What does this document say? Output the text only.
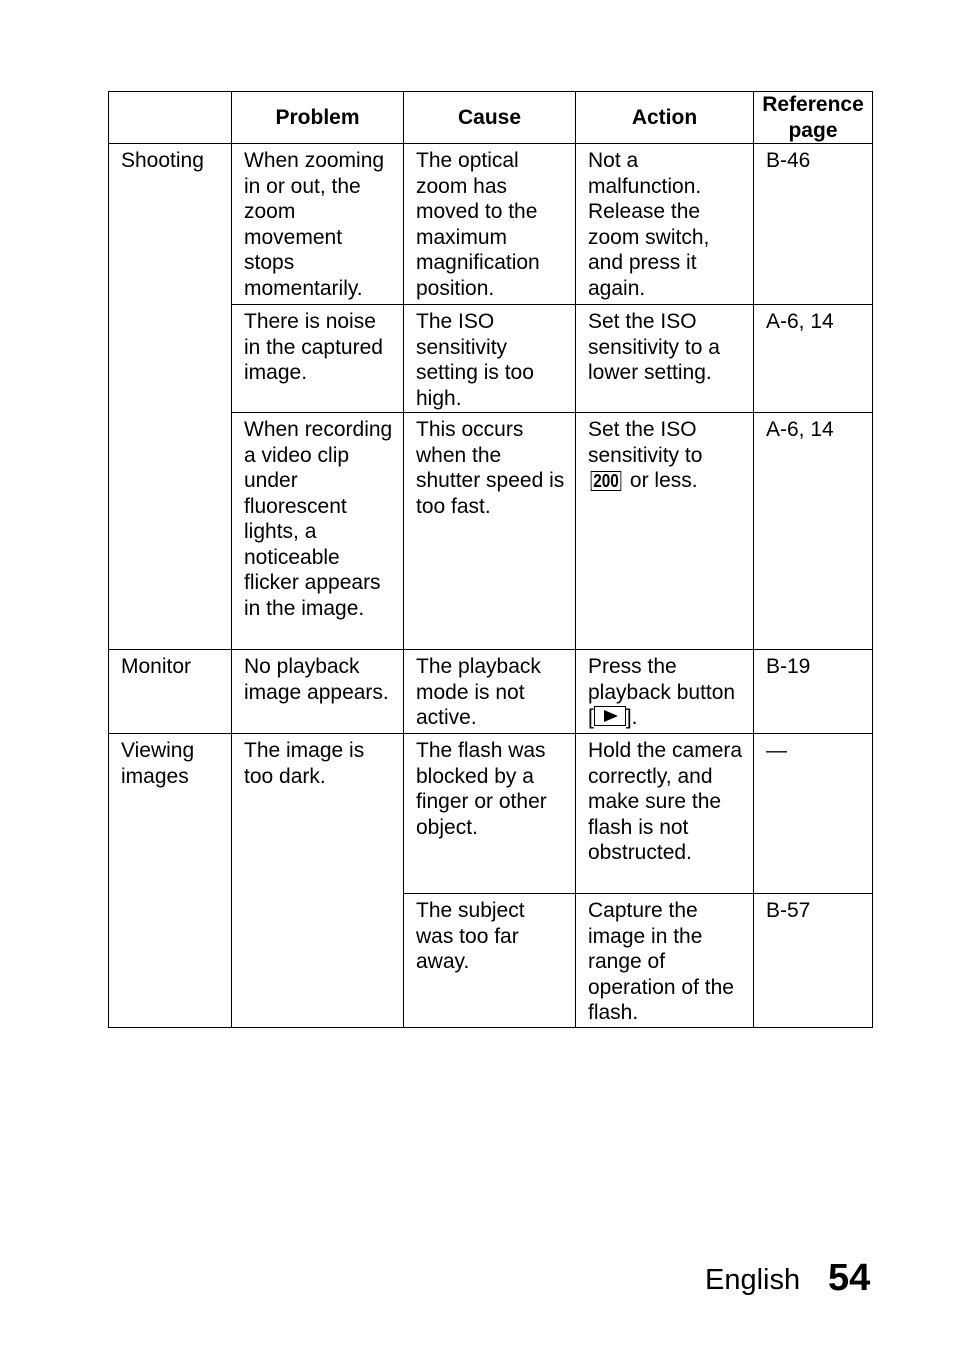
	Problem	Cause	Action	Reference page
Shooting	When zooming in or out, the zoom movement stops momentarily.	The optical zoom has moved to the maximum magnification position.	Not a malfunction. Release the zoom switch, and press it again.	B-46
	There is noise in the captured image.	The ISO sensitivity setting is too high.	Set the ISO sensitivity to a lower setting.	A-6, 14
	When recording a video clip under fluorescent lights, a noticeable flicker appears in the image.	This occurs when the shutter speed is too fast.	Set the ISO sensitivity to 200 or less.	A-6, 14
Monitor	No playback image appears.	The playback mode is not active.	Press the playback button [ ].	B-19
Viewing images	The image is too dark.	The flash was blocked by a finger or other object.	Hold the camera correctly, and make sure the flash is not obstructed.	—
		The subject was too far away.	Capture the image in the range of operation of the flash.	B-57
English 54
